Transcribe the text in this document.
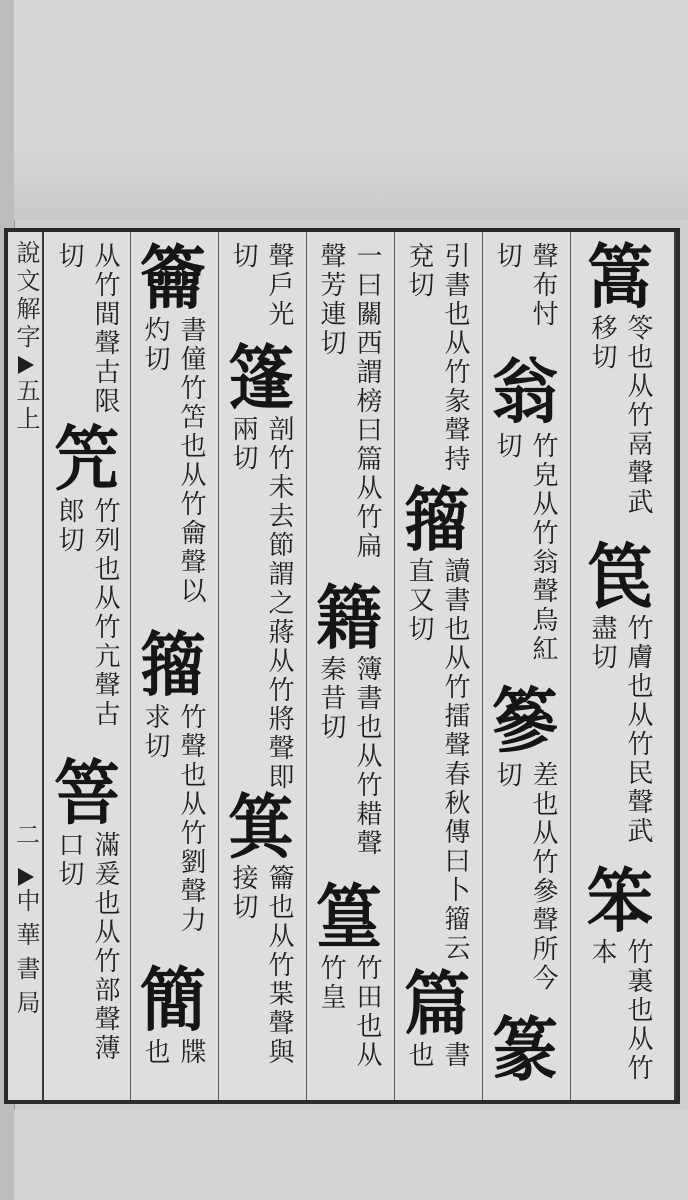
說文解字
五上
二
中華書局
从竹間聲古限切
笐
竹列也从竹亢聲古郎切
箁
滿爰也从竹部聲薄口切
籥
書僮竹笘也从竹龠聲以灼切
籀
竹聲也从竹劉聲力求切
簡
牒也
聲戶光切
篷
剖竹未去節謂之蔣从竹將聲即兩切
箕
籥也从竹枼聲與接切
一曰關西謂榜曰篇从竹扁聲芳連切
籍
簿書也从竹耤聲秦昔切
篁
竹田也从竹皇
引書也从竹彖聲持兗切
籀
讀書也从竹擂聲春秋傳曰卜籀云直又切
篇
書也
聲布忖切
翁
竹皃从竹翁聲烏紅切
篸
差也从竹參聲所今切
篆
篙
笭也从竹鬲聲武移切
笢
竹膚也从竹民聲武盡切
笨
竹裏也从竹本
